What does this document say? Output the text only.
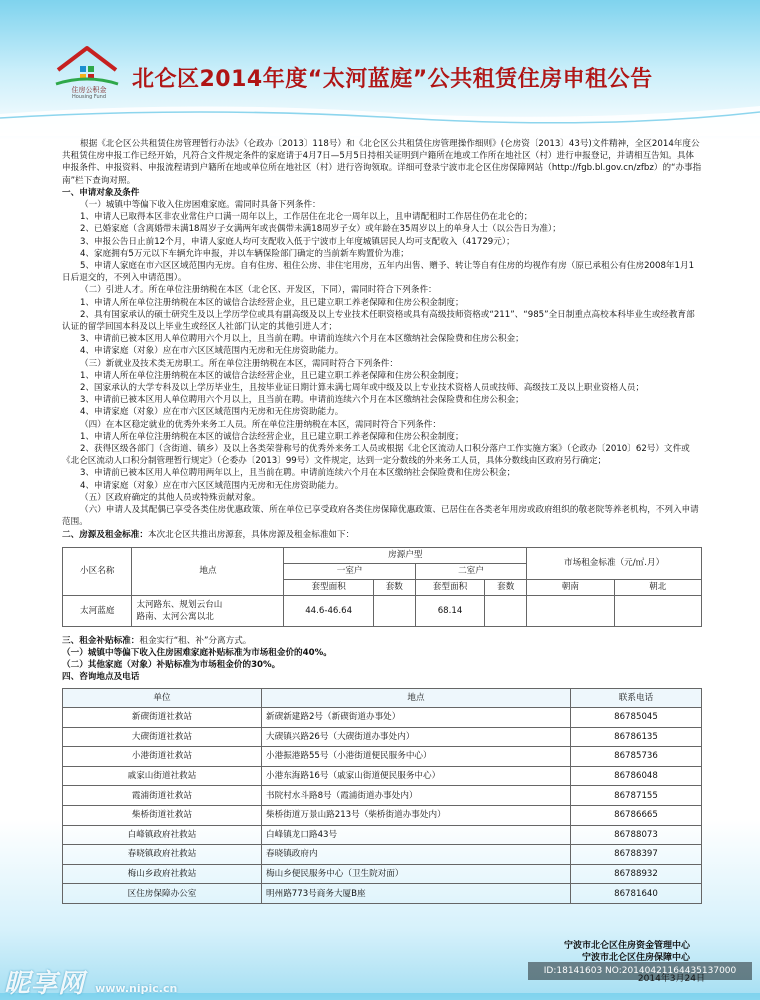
住房公积金
Housing Fund
北仑区2014年度“太河蓝庭”公共租赁住房申租公告

根据《北仑区公共租赁住房管理暂行办法》（仑政办〔2013〕118号）和《北仑区公共租赁住房管理操作细则》(仑房资〔2013〕43号)文件精神，全区2014年度公共租赁住房申报工作已经开始，凡符合文件规定条件的家庭请于4月7日—5月5日持相关证明到户籍所在地或工作所在地社区（村）进行申报登记，并请相互告知。具体申报条件、申报资料、申报流程请到户籍所在地或单位所在地社区（村）进行咨询领取。详细可登录宁波市北仑区住房保障网站（http://fgb.bl.gov.cn/zfbz）的“办事指南”栏下查询对照。

一、申请对象及条件

（一）城镇中等偏下收入住房困难家庭。需同时具备下列条件：

1、申请人已取得本区非农业常住户口满一周年以上，工作居住在北仑一周年以上，且申请配租时工作居住仍在北仑的；

2、已婚家庭（含离婚带未满18周岁子女满两年或丧偶带未满18周岁子女）或年龄在35周岁以上的单身人士（以公告日为准）；

3、申报公告日止前12个月，申请人家庭人均可支配收入低于宁波市上年度城镇居民人均可支配收入（41729元）；

4、家庭拥有5万元以下车辆允许申报，并以车辆保险部门确定的当前新车购置价为准；

5、申请人家庭在市六区区域范围内无房。自有住房、租住公房、非住宅用房，五年内出售、赠予、转让等自有住房的均视作有房（原已承租公有住房2008年1月1日后退交的，不列入申请范围）。

（二）引进人才。所在单位注册纳税在本区（北仑区、开发区，下同），需同时符合下列条件：

1、申请人所在单位注册纳税在本区的诚信合法经营企业，且已建立职工养老保障和住房公积金制度；

2、具有国家承认的硕士研究生及以上学历学位或具有副高级及以上专业技术任职资格或具有高级技师资格或“211”、“985”全日制重点高校本科毕业生或经教育部认证的留学回国本科及以上毕业生或经区人社部门认定的其他引进人才；

3、申请前已被本区用人单位聘用六个月以上，且当前在聘。申请前连续六个月在本区缴纳社会保险费和住房公积金；

4、申请家庭（对象）应在市六区区域范围内无房和无住房资助能力。

（三）新就业及技术类无房职工。所在单位注册纳税在本区，需同时符合下列条件：

1、申请人所在单位注册纳税在本区的诚信合法经营企业，且已建立职工养老保障和住房公积金制度；

2、国家承认的大学专科及以上学历毕业生，且按毕业证日期计算未满七周年或中级及以上专业技术资格人员或技师、高级技工及以上职业资格人员；

3、申请前已被本区用人单位聘用六个月以上，且当前在聘。申请前连续六个月在本区缴纳社会保险费和住房公积金；

4、申请家庭（对象）应在市六区区域范围内无房和无住房资助能力。

（四）在本区稳定就业的优秀外来务工人员。所在单位注册纳税在本区，需同时符合下列条件：

1、申请人所在单位注册纳税在本区的诚信合法经营企业，且已建立职工养老保障和住房公积金制度；

2、获得区级各部门（含街道、镇乡）及以上各类荣誉称号的优秀外来务工人员或根据《北仑区流动人口积分落户工作实施方案》（仑政办〔2010〕62号）文件或《北仑区流动人口积分制管理暂行规定》（仑委办〔2013〕99号）文件规定，达到一定分数线的外来务工人员，具体分数线由区政府另行确定；

3、申请前已被本区用人单位聘用两年以上，且当前在聘。申请前连续六个月在本区缴纳社会保险费和住房公积金；

4、申请家庭（对象）应在市六区区域范围内无房和无住房资助能力。

（五）区政府确定的其他人员或特殊贡献对象。

（六）申请人及其配偶已享受各类住房优惠政策、所在单位已享受政府各类住房保障优惠政策、已居住在各类老年用房或政府组织的敬老院等养老机构，不列入申请范围。

二、房源及租金标准：本次北仑区共推出房源套，具体房源及租金标准如下：

小区名称	地点	房源户型				市场租金标准（元/㎡.月）	
		一室户		二室户			
		套型面积	套数	套型面积	套数	朝南	朝北
太河蓝庭	太河路东、规划云台山
路南、太河公寓以北	44.6-46.64		68.14			

三、租金补贴标准：租金实行“租、补”分离方式。

（一）城镇中等偏下收入住房困难家庭补贴标准为市场租金价的40%。

（二）其他家庭（对象）补贴标准为市场租金价的30%。

四、咨询地点及电话

单位	地点	联系电话
新碶街道社救站	新碶新建路2号（新碶街道办事处）	86785045
大碶街道社救站	大碶镇兴路26号（大碶街道办事处内）	86786135
小港街道社救站	小港振港路55号（小港街道便民服务中心）	86785736
戚家山街道社救站	小港东海路16号（戚家山街道便民服务中心）	86786048
霞浦街道社救站	书院村水斗路8号（霞浦街道办事处内）	86787155
柴桥街道社救站	柴桥街道万景山路213号（柴桥街道办事处内）	86786665
白峰镇政府社救站	白峰镇龙口路43号	86788073
春晓镇政府社救站	春晓镇政府内	86788397
梅山乡政府社救站	梅山乡便民服务中心（卫生院对面）	86788932
区住房保障办公室	明州路773号商务大厦B座	86781640
宁波市北仑区住房资金管理中心
宁波市北仑区住房保障中心
2014年3月24日
昵享网 www.nipic.cn
ID:18141603 NO:20140421164435137000
